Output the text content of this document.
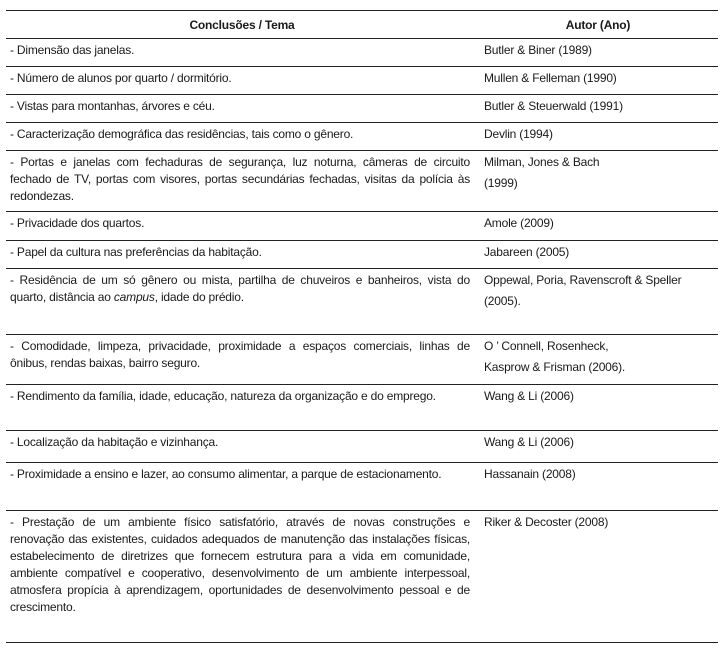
Conclusões / Tema	Autor (Ano)
- Dimensão das janelas.	Butler & Biner (1989)

- Número de alunos por quarto / dormitório.	Mullen & Felleman (1990)

- Vistas para montanhas, árvores e céu.	Butler & Steuerwald (1991)

- Caracterização demográfica das residências, tais como o gênero.	Devlin (1994)

- Portas e janelas com fechaduras de segurança, luz noturna, câmeras de circuito fechado de TV, portas com visores, portas secundárias fechadas, visitas da polícia às redondezas.	Milman, Jones & Bach
(1999)

- Privacidade dos quartos.	Amole (2009)

- Papel da cultura nas preferências da habitação.	Jabareen (2005)

- Residência de um só gênero ou mista, partilha de chuveiros e banheiros, vista do quarto, distância ao campus, idade do prédio.	Oppewal, Poria, Ravenscroft & Speller
(2005).

- Comodidade, limpeza, privacidade, proximidade a espaços comerciais, linhas de ônibus, rendas baixas, bairro seguro.	O ’ Connell, Rosenheck,
Kasprow & Frisman (2006).

- Rendimento da família, idade, educação, natureza da organização e do emprego.	Wang & Li (2006)

- Localização da habitação e vizinhança.	Wang & Li (2006)

- Proximidade a ensino e lazer, ao consumo alimentar, a parque de estacionamento.	Hassanain (2008)

- Prestação de um ambiente físico satisfatório, através de novas construções e renovação das existentes, cuidados adequados de manutenção das instalações físicas, estabelecimento de diretrizes que fornecem estrutura para a vida em comunidade, ambiente compatível e cooperativo, desenvolvimento de um ambiente interpessoal, atmosfera propícia à aprendizagem, oportunidades de desenvolvimento pessoal e de crescimento.	Riker & Decoster (2008)
